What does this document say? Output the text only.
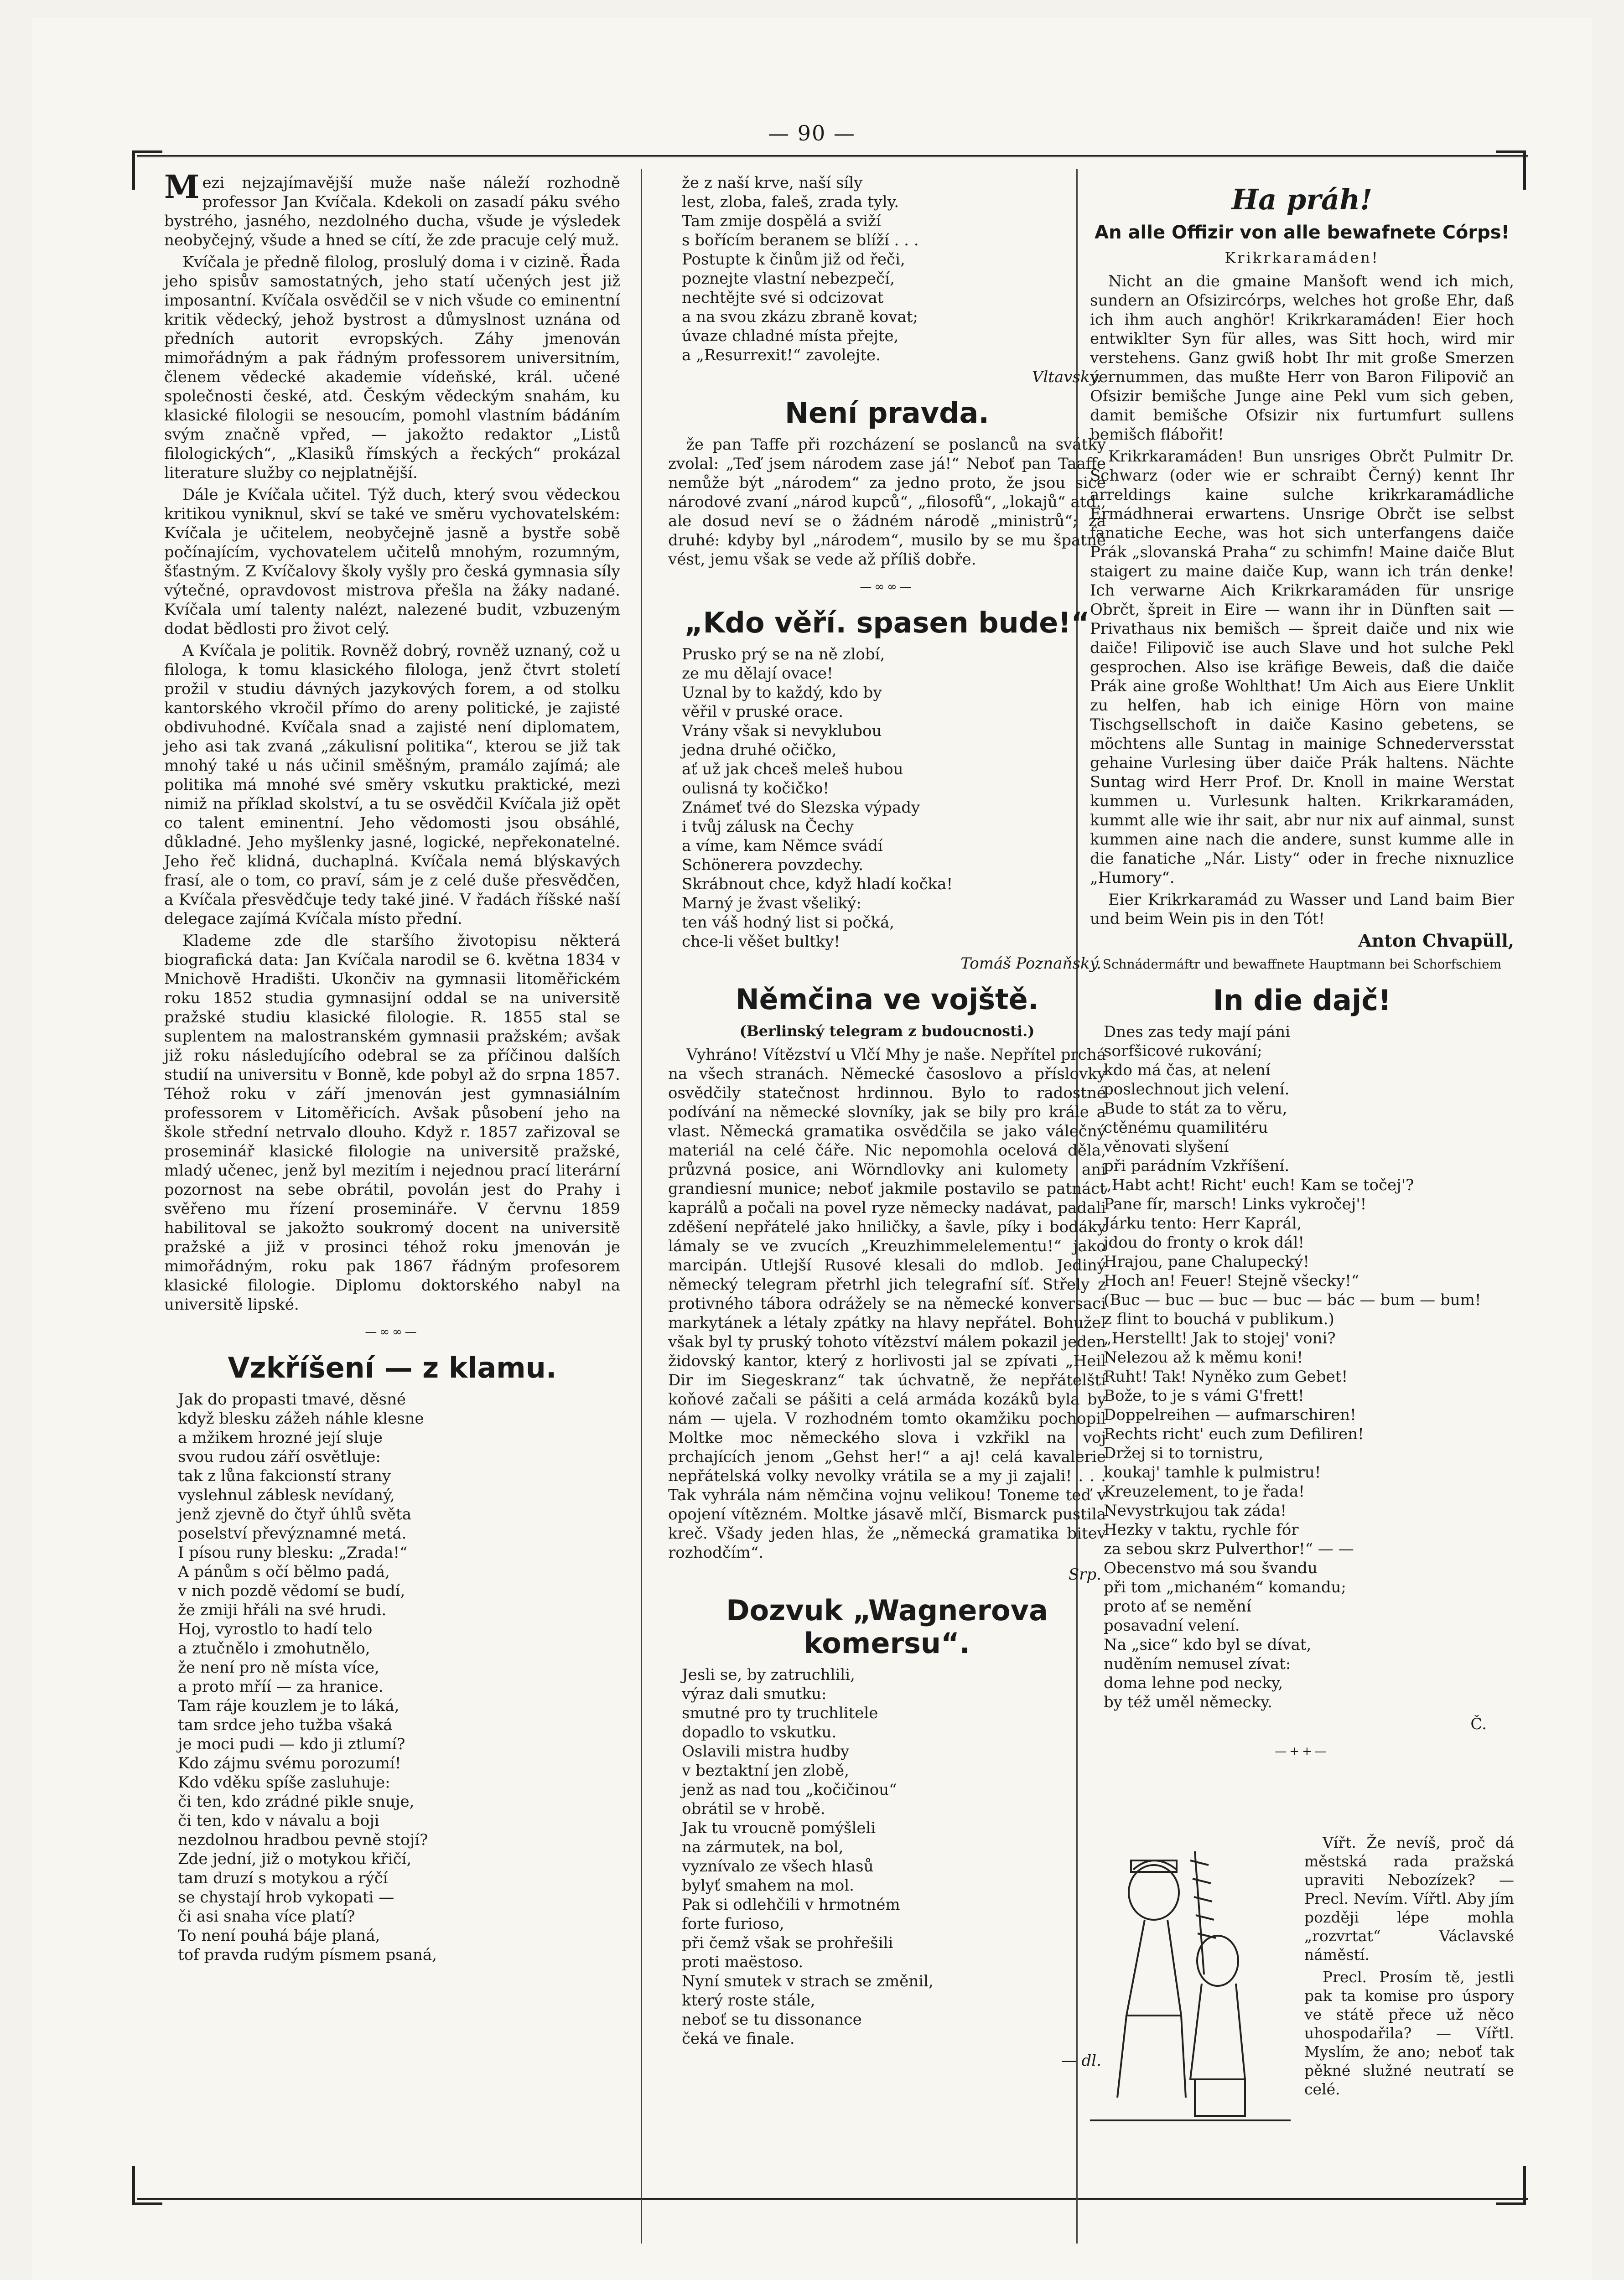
— 90 —

Mezi nejzajímavější muže naše náleží rozhodně professor Jan Kvíčala. Kdekoli on zasadí páku svého bystrého, jasného, nezdolného ducha, všude je výsledek neobyčejný, všude a hned se cítí, že zde pracuje celý muž.

Kvíčala je předně filolog, proslulý doma i v cizině. Řada jeho spisův samostatných, jeho statí učených jest již imposantní. Kvíčala osvědčil se v nich všude co eminentní kritik vědecký, jehož bystrost a důmyslnost uznána od předních autorit evropských. Záhy jmenován mimořádným a pak řádným professorem universitním, členem vědecké akademie vídeňské, král. učené společnosti české, atd. Českým vědeckým snahám, ku klasické filologii se nesoucím, pomohl vlastním bádáním svým značně vpřed, — jakožto redaktor „Listů filologických“, „Klasiků římských a řeckých“ prokázal literature služby co nejplatnější.

Dále je Kvíčala učitel. Týž duch, který svou vědeckou kritikou vyniknul, skví se také ve směru vychovatelském: Kvíčala je učitelem, neobyčejně jasně a bystře sobě počínajícím, vychovatelem učitelů mnohým, rozumným, šťastným. Z Kvíčalovy školy vyšly pro česká gymnasia síly výtečné, opravdovost mistrova přešla na žáky nadané. Kvíčala umí talenty nalézt, nalezené budit, vzbuzeným dodat bědlosti pro život celý.

A Kvíčala je politik. Rovněž dobrý, rovněž uznaný, což u filologa, k tomu klasického filologa, jenž čtvrt století prožil v studiu dávných jazykových forem, a od stolku kantorského vkročil přímo do areny politické, je zajisté obdivuhodné. Kvíčala snad a zajisté není diplomatem, jeho asi tak zvaná „zákulisní politika“, kterou se již tak mnohý také u nás učinil směšným, pramálo zajímá; ale politika má mnohé své směry vskutku praktické, mezi nimiž na příklad skolství, a tu se osvědčil Kvíčala již opět co talent eminentní. Jeho vědomosti jsou obsáhlé, důkladné. Jeho myšlenky jasné, logické, nepřekonatelné. Jeho řeč klidná, duchaplná. Kvíčala nemá blýskavých frasí, ale o tom, co praví, sám je z celé duše přesvědčen, a Kvíčala přesvědčuje tedy také jiné. V řadách říšské naší delegace zajímá Kvíčala místo přední.

Klademe zde dle staršího životopisu některá biografická data: Jan Kvíčala narodil se 6. května 1834 v Mnichově Hradišti. Ukončiv na gymnasii litoměřickém roku 1852 studia gymnasijní oddal se na universitě pražské studiu klasické filologie. R. 1855 stal se suplentem na malostranském gymnasii pražském; avšak již roku následujícího odebral se za příčinou dalších studií na universitu v Bonně, kde pobyl až do srpna 1857. Téhož roku v září jmenován jest gymnasiálním professorem v Litoměřicích. Avšak působení jeho na škole střední netrvalo dlouho. Když r. 1857 zařizoval se proseminář klasické filologie na universitě pražské, mladý učenec, jenž byl mezitím i nejednou prací literární pozornost na sebe obrátil, povolán jest do Prahy i svěřeno mu řízení prosemináře. V červnu 1859 habilitoval se jakožto soukromý docent na universitě pražské a již v prosinci téhož roku jmenován je mimořádným, roku pak 1867 řádným profesorem klasické filologie. Diplomu doktorského nabyl na universitě lipské.

—∞∞—
Vzkříšení — z klamu.
Jak do propasti tmavé, děsné
když blesku zážeh náhle klesne
a mžikem hrozné její sluje
svou rudou září osvětluje:
tak z lůna fakcionstí strany
vyslehnul záblesk nevídaný,
jenž zjevně do čtyř úhlů světa
poselství převýznamné metá.
I písou runy blesku: „Zrada!“
A pánům s očí bělmo padá,
v nich pozdě vědomí se budí,
že zmiji hřáli na své hrudi.
Hoj, vyrostlo to hadí telo
a ztučnělo i zmohutnělo,
že není pro ně místa více,
a proto mříí — za hranice.
Tam ráje kouzlem je to láká,
tam srdce jeho tužba všaká
je moci pudi — kdo ji ztlumí?
Kdo zájmu svému porozumí!
Kdo vděku spíše zasluhuje:
či ten, kdo zrádné pikle snuje,
či ten, kdo v návalu a boji
nezdolnou hradbou pevně stojí?
Zde jední, již o motykou křičí,
tam druzí s motykou a rýčí
se chystají hrob vykopati —
či asi snaha více platí?
To není pouhá báje planá,
tof pravda rudým písmem psaná,
že z naší krve, naší síly
lest, zloba, faleš, zrada tyly.
Tam zmije dospělá a sviží
s bořícím beranem se blíží . . .
Postupte k činům již od řeči,
poznejte vlastní nebezpečí,
nechtějte své si odcizovat
a na svou zkázu zbraně kovat;
úvaze chladné místa přejte,
a „Resurrexit!“ zavolejte.
Vltavský.
Není pravda.

že pan Taffe při rozcházení se poslanců na svátky zvolal: „Teď jsem národem zase já!“ Neboť pan Taaffe nemůže být „národem“ za jedno proto, že jsou sice národové zvaní „národ kupců“, „filosofů“, „lokajů“ atd., ale dosud neví se o žádném národě „ministrů“; za druhé: kdyby byl „národem“, musilo by se mu špatně vést, jemu však se vede až příliš dobře.

—∞∞—
„Kdo věří. spasen bude!“
Prusko prý se na ně zlobí,
ze mu dělají ovace!
Uznal by to každý, kdo by
věřil v pruské orace.
Vrány však si nevyklubou
jedna druhé očičko,
ať už jak chceš meleš hubou
oulisná ty kočičko!
Známeť tvé do Slezska výpady
i tvůj zálusk na Čechy
a víme, kam Němce svádí
Schönerera povzdechy.
Skrábnout chce, když hladí kočka!
Marný je žvast všeliký:
ten váš hodný list si počká,
chce-li věšet bultky!
Tomáš Poznaňský.
Němčina ve vojště.
(Berlinský telegram z budoucnosti.)

Vyhráno! Vítězství u Vlčí Mhy je naše. Nepřítel prchá na všech stranách. Německé časoslovo a příslovky osvědčily statečnost hrdinnou. Bylo to radostné podívání na německé slovníky, jak se bily pro krále a vlast. Německá gramatika osvědčila se jako válečný materiál na celé čáře. Nic nepomohla ocelová děla, průzvná posice, ani Wörndlovky ani kulomety ani grandiesní munice; neboť jakmile postavilo se patnáct kaprálů a počali na povel ryze německy nadávat, padali zděšení nepřátelé jako hniličky, a šavle, píky i bodáky lámaly se ve zvucích „Kreuzhimmelelementu!“ jako marcipán. Utlejší Rusové klesali do mdlob. Jediný německý telegram přetrhl jich telegrafní síť. Střely z protivného tábora odrážely se na německé konversaci markytánek a létaly zpátky na hlavy nepřátel. Bohužel však byl ty pruský tohoto vítězství málem pokazil jeden židovský kantor, který z horlivosti jal se zpívati „Heil Dir im Siegeskranz“ tak úchvatně, že nepřátelští koňové začali se pášiti a celá armáda kozáků byla by nám — ujela. V rozhodném tomto okamžiku pochopil Moltke moc německého slova i vzkřikl na voj prchajících jenom „Gehst her!“ a aj! celá kavalerie nepřátelská volky nevolky vrátila se a my ji zajali! . . . Tak vyhrála nám němčina vojnu velikou! Toneme teď v opojení vítězném. Moltke jásavě mlčí, Bismarck pustila kreč. Všady jeden hlas, že „německá gramatika bitev rozhodčím“.

Srp.
Dozvuk „Wagnerova komersu“.
Jesli se, by zatruchlili,
výraz dali smutku:
smutné pro ty truchlitele
dopadlo to vskutku.
Oslavili mistra hudby
v beztaktní jen zlobě,
jenž as nad tou „kočičinou“
obrátil se v hrobě.
Jak tu vroucně pomýšleli
na zármutek, na bol,
vyznívalo ze všech hlasů
bylyť smahem na mol.
Pak si odlehčili v hrmotném
forte furioso,
při čemž však se prohřešili
proti maëstoso.
Nyní smutek v strach se změnil,
který roste stále,
neboť se tu dissonance
čeká ve finale.
— dl.
Ha práh!
An alle Offizir von alle bewafnete Córps!
Krikrkaramáden!

Nicht an die gmaine Manšoft wend ich mich, sundern an Ofsizircórps, welches hot große Ehr, daß ich ihm auch anghör! Krikrkaramáden! Eier hoch entwiklter Syn für alles, was Sitt hoch, wird mir verstehens. Ganz gwiß hobt Ihr mit große Smerzen vernummen, das mußte Herr von Baron Filipovič an Ofsizir bemišche Junge aine Pekl vum sich geben, damit bemišche Ofsizir nix furtumfurt sullens bemišch flábořit!

Krikrkaramáden! Bun unsriges Obrčt Pulmitr Dr. Schwarz (oder wie er schraibt Černý) kennt Ihr arreldings kaine sulche krikrkaramádliche Ermádhnerai erwartens. Unsrige Obrčt ise selbst fanatiche Eeche, was hot sich unterfangens daiče Prák „slovanská Praha“ zu schimfn! Maine daiče Blut staigert zu maine daiče Kup, wann ich trán denke! Ich verwarne Aich Krikrkaramáden für unsrige Obrčt, špreit in Eire — wann ihr in Dünften sait — Privathaus nix bemišch — špreit daiče und nix wie daiče! Filipovič ise auch Slave und hot sulche Pekl gesprochen. Also ise kräfige Beweis, daß die daiče Prák aine große Wohlthat! Um Aich aus Eiere Unklit zu helfen, hab ich einige Hörn von maine Tischgsellschoft in daiče Kasino gebetens, se möchtens alle Suntag in mainige Schnederversstat gehaine Vurlesing über daiče Prák haltens. Nächte Suntag wird Herr Prof. Dr. Knoll in maine Werstat kummen u. Vurlesunk halten. Krikrkaramáden, kummt alle wie ihr sait, abr nur nix auf ainmal, sunst kummen aine nach die andere, sunst kumme alle in die fanatiche „Nár. Listy“ oder in freche nixnuzlice „Humory“.

Eier Krikrkaramád zu Wasser und Land baim Bier und beim Wein pis in den Tót!

Anton Chvapüll,
Schnádermáftr und bewaffnete Hauptmann bei Schorfschiem
In die dajč!
Dnes zas tedy mají páni
sorfšicové rukování;
kdo má čas, at nelení
poslechnout jich velení.
Bude to stát za to věru,
ctěnému quamilitéru
věnovati slyšení
při parádním Vzkříšení.
„Habt acht! Richt' euch! Kam se točej'?
Pane fír, marsch! Links vykročej'!
Járku tento: Herr Kaprál,
jdou do fronty o krok dál!
Hrajou, pane Chalupecký!
Hoch an! Feuer! Stejně všecky!“
(Buc — buc — buc — buc — bác — bum — bum!
z flint to bouchá v publikum.)
„Herstellt! Jak to stojej' voni?
Nelezou až k měmu koni!
Ruht! Tak! Nyněko zum Gebet!
Bože, to je s vámi G'frett!
Doppelreihen — aufmarschiren!
Rechts richt' euch zum Defiliren!
Držej si to tornistru,
koukaj' tamhle k pulmistru!
Kreuzelement, to je řada!
Nevystrkujou tak záda!
Hezky v taktu, rychle fór
za sebou skrz Pulverthor!“ — —
Obecenstvo má sou švandu
při tom „michaném“ komandu;
proto ať se nemění
posavadní velení.
Na „sice“ kdo byl se dívat,
nuděním nemusel zívat:
doma lehne pod necky,
by též uměl německy.
Č.
—++—

Vířt. Že nevíš, proč dá městská rada pražská upraviti Nebozízek? — Precl. Nevím. Vířtl. Aby jím později lépe mohla „rozvrtat“ Václavské náměstí.

Precl. Prosím tě, jestli pak ta komise pro úspory ve státě přece už něco uhospodařila? — Vířtl. Myslím, že ano; neboť tak pěkné služné neutratí se celé.
